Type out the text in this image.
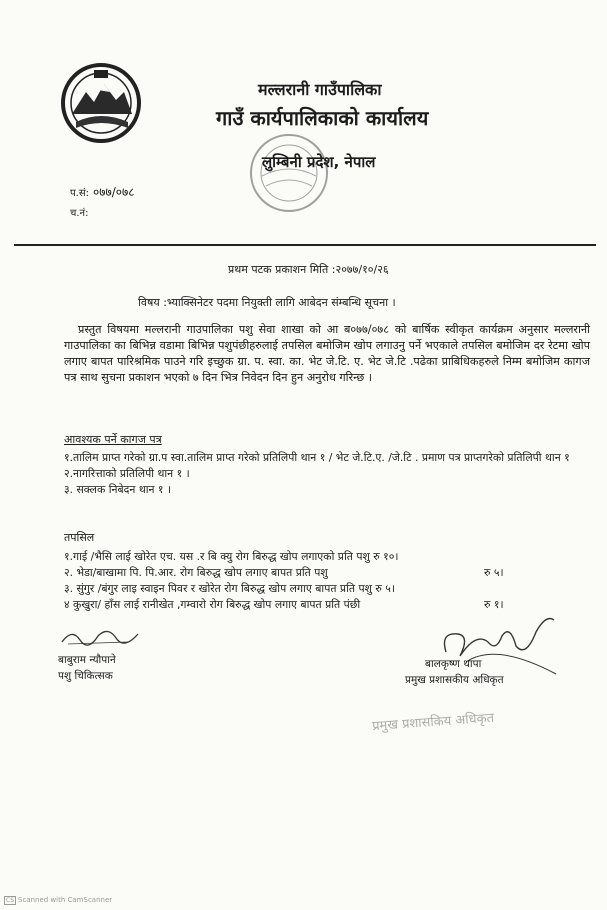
मल्लरानी गाउँपालिका
गाउँ कार्यपालिकाको कार्यालय
लुम्बिनी प्रदेश, नेपाल
प.सं: ०७७/०७८
च.नं:
प्रथम पटक प्रकाशन मिति :२०७७/१०/२६
विषय :भ्याक्सिनेटर पदमा नियुक्ती लागि आबेदन संम्बन्धि सूचना ।
प्रस्तुत विषयमा मल्लरानी गाउपालिका पशु सेवा शाखा को आ ब०७७/०७८ को बार्षिक स्वीकृत कार्यक्रम अनुसार मल्लरानी गाउपालिका का बिभिन्न वडामा बिभिन्न पशुपंछीहरुलाई तपसिल बमोजिम खोप लगाउनु पर्ने भएकाले तपसिल बमोजिम दर रेटमा खोप लगाए बापत पारिश्रमिक पाउने गरि इच्छुक ग्रा. प. स्वा. का. भेट जे.टि. ए. भेट जे.टि .पढेका प्राबिधिकहरुले निम्म बमोजिम कागज पत्र साथ सुचना प्रकाशन भएको ७ दिन भित्र निवेदन दिन हुन अनुरोध गरिन्छ ।
आवश्यक पर्ने कागज पत्र
१.तालिम प्राप्त गरेको ग्रा.प स्वा.तालिम प्राप्त गरेको प्रतिलिपी थान १ / भेट जे.टि.ए. /जे.टि . प्रमाण पत्र प्राप्तगरेको प्रतिलिपी थान १
२.नागरित्ताको प्रतिलिपी थान १ ।
३. सक्लक निबेदन थान १ ।
तपसिल
१.गाई /भैसि लाई खोरेत एच. यस .र बि क्यु रोग बिरुद्ध खोप लगाएको प्रति पशु रु १०।
२. भेडा/बाखामा पि. पि.आर. रोग बिरुद्ध खोप लगाए बापत प्रति पशु	रु ५।
३. सुंगुर /बंगुर लाइ स्वाइन पिवर र खोरेत रोग बिरुद्ध खोप लगाए बापत प्रति पशु रु ५।
४ कुखुरा/ हाँस लाई रानीखेत ,गम्वारो रोग बिरुद्ध खोप लगाए बापत प्रति पंछी	रु १।
बाबुराम न्यौपाने
पशु चिकित्सक
बालकृष्ण थापा
प्रमुख प्रशासकीय अधिकृत
प्रमुख प्रशासकिय अधिकृत
CS Scanned with CamScanner
